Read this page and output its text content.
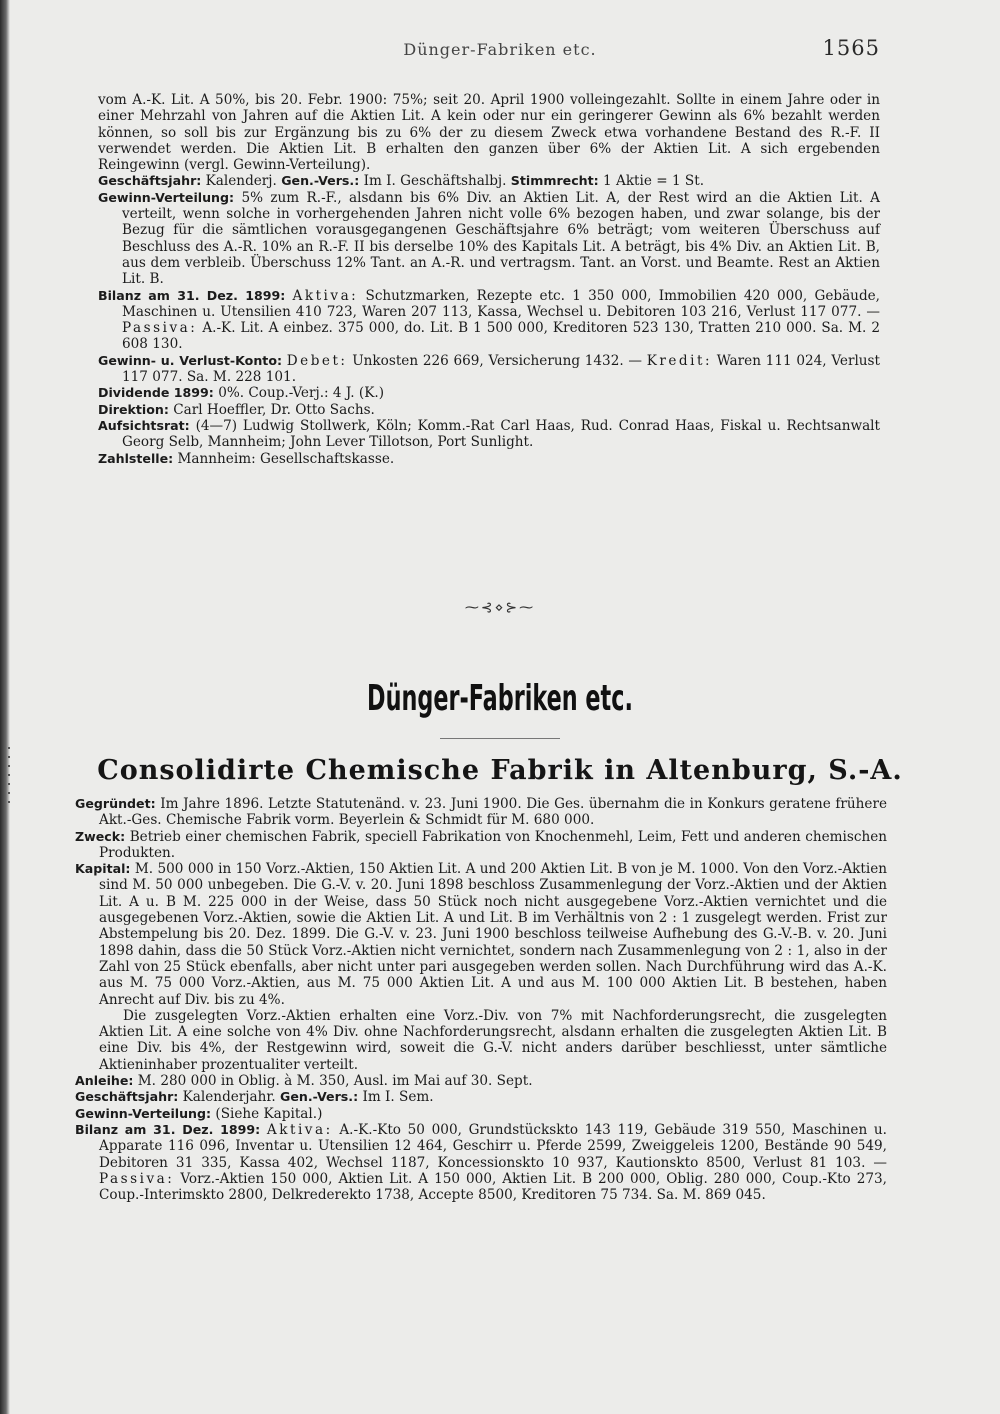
Dünger-Fabriken etc.	1565

vom A.-K. Lit. A 50%, bis 20. Febr. 1900: 75%; seit 20. April 1900 volleingezahlt. Sollte in einem Jahre oder in einer Mehrzahl von Jahren auf die Aktien Lit. A kein oder nur ein geringerer Gewinn als 6% bezahlt werden können, so soll bis zur Ergänzung bis zu 6% der zu diesem Zweck etwa vorhandene Bestand des R.-F. II verwendet werden. Die Aktien Lit. B erhalten den ganzen über 6% der Aktien Lit. A sich ergebenden Reingewinn (vergl. Gewinn-Verteilung).

Geschäftsjahr: Kalenderj. Gen.-Vers.: Im I. Geschäftshalbj. Stimmrecht: 1 Aktie = 1 St.

Gewinn-Verteilung: 5% zum R.-F., alsdann bis 6% Div. an Aktien Lit. A, der Rest wird an die Aktien Lit. A verteilt, wenn solche in vorhergehenden Jahren nicht volle 6% bezogen haben, und zwar solange, bis der Bezug für die sämtlichen vorausgegangenen Geschäftsjahre 6% beträgt; vom weiteren Überschuss auf Beschluss des A.-R. 10% an R.-F. II bis derselbe 10% des Kapitals Lit. A beträgt, bis 4% Div. an Aktien Lit. B, aus dem verbleib. Überschuss 12% Tant. an A.-R. und vertragsm. Tant. an Vorst. und Beamte. Rest an Aktien Lit. B.

Bilanz am 31. Dez. 1899: Aktiva: Schutzmarken, Rezepte etc. 1 350 000, Immobilien 420 000, Gebäude, Maschinen u. Utensilien 410 723, Waren 207 113, Kassa, Wechsel u. Debitoren 103 216, Verlust 117 077. — Passiva: A.-K. Lit. A einbez. 375 000, do. Lit. B 1 500 000, Kreditoren 523 130, Tratten 210 000. Sa. M. 2 608 130.

Gewinn- u. Verlust-Konto: Debet: Unkosten 226 669, Versicherung 1432. — Kredit: Waren 111 024, Verlust 117 077. Sa. M. 228 101.

Dividende 1899: 0%. Coup.-Verj.: 4 J. (K.)

Direktion: Carl Hoeffler, Dr. Otto Sachs.

Aufsichtsrat: (4—7) Ludwig Stollwerk, Köln; Komm.-Rat Carl Haas, Rud. Conrad Haas, Fiskal u. Rechtsanwalt Georg Selb, Mannheim; John Lever Tillotson, Port Sunlight.

Zahlstelle: Mannheim: Gesellschaftskasse.

⁓⊰⋄⊱⁓
Dünger-Fabriken etc.
Consolidirte Chemische Fabrik in Altenburg, S.-A.

Gegründet: Im Jahre 1896. Letzte Statutenänd. v. 23. Juni 1900. Die Ges. übernahm die in Konkurs geratene frühere Akt.-Ges. Chemische Fabrik vorm. Beyerlein & Schmidt für M. 680 000.

Zweck: Betrieb einer chemischen Fabrik, speciell Fabrikation von Knochenmehl, Leim, Fett und anderen chemischen Produkten.

Kapital: M. 500 000 in 150 Vorz.-Aktien, 150 Aktien Lit. A und 200 Aktien Lit. B von je M. 1000. Von den Vorz.-Aktien sind M. 50 000 unbegeben. Die G.-V. v. 20. Juni 1898 beschloss Zusammenlegung der Vorz.-Aktien und der Aktien Lit. A u. B M. 225 000 in der Weise, dass 50 Stück noch nicht ausgegebene Vorz.-Aktien vernichtet und die ausgegebenen Vorz.-Aktien, sowie die Aktien Lit. A und Lit. B im Verhältnis von 2 : 1 zusgelegt werden. Frist zur Abstempelung bis 20. Dez. 1899. Die G.-V. v. 23. Juni 1900 beschloss teilweise Aufhebung des G.-V.-B. v. 20. Juni 1898 dahin, dass die 50 Stück Vorz.-Aktien nicht vernichtet, sondern nach Zusammenlegung von 2 : 1, also in der Zahl von 25 Stück ebenfalls, aber nicht unter pari ausgegeben werden sollen. Nach Durchführung wird das A.-K. aus M. 75 000 Vorz.-Aktien, aus M. 75 000 Aktien Lit. A und aus M. 100 000 Aktien Lit. B bestehen, haben Anrecht auf Div. bis zu 4%.

Die zusgelegten Vorz.-Aktien erhalten eine Vorz.-Div. von 7% mit Nachforderungsrecht, die zusgelegten Aktien Lit. A eine solche von 4% Div. ohne Nachforderungsrecht, alsdann erhalten die zusgelegten Aktien Lit. B eine Div. bis 4%, der Restgewinn wird, soweit die G.-V. nicht anders darüber beschliesst, unter sämtliche Aktieninhaber prozentualiter verteilt.

Anleihe: M. 280 000 in Oblig. à M. 350, Ausl. im Mai auf 30. Sept.

Geschäftsjahr: Kalenderjahr. Gen.-Vers.: Im I. Sem.

Gewinn-Verteilung: (Siehe Kapital.)

Bilanz am 31. Dez. 1899: Aktiva: A.-K.-Kto 50 000, Grundstückskto 143 119, Gebäude 319 550, Maschinen u. Apparate 116 096, Inventar u. Utensilien 12 464, Geschirr u. Pferde 2599, Zweiggeleis 1200, Bestände 90 549, Debitoren 31 335, Kassa 402, Wechsel 1187, Koncessionskto 10 937, Kautionskto 8500, Verlust 81 103. — Passiva: Vorz.-Aktien 150 000, Aktien Lit. A 150 000, Aktien Lit. B 200 000, Oblig. 280 000, Coup.-Kto 273, Coup.-Interimskto 2800, Delkrederekto 1738, Accepte 8500, Kreditoren 75 734. Sa. M. 869 045.
